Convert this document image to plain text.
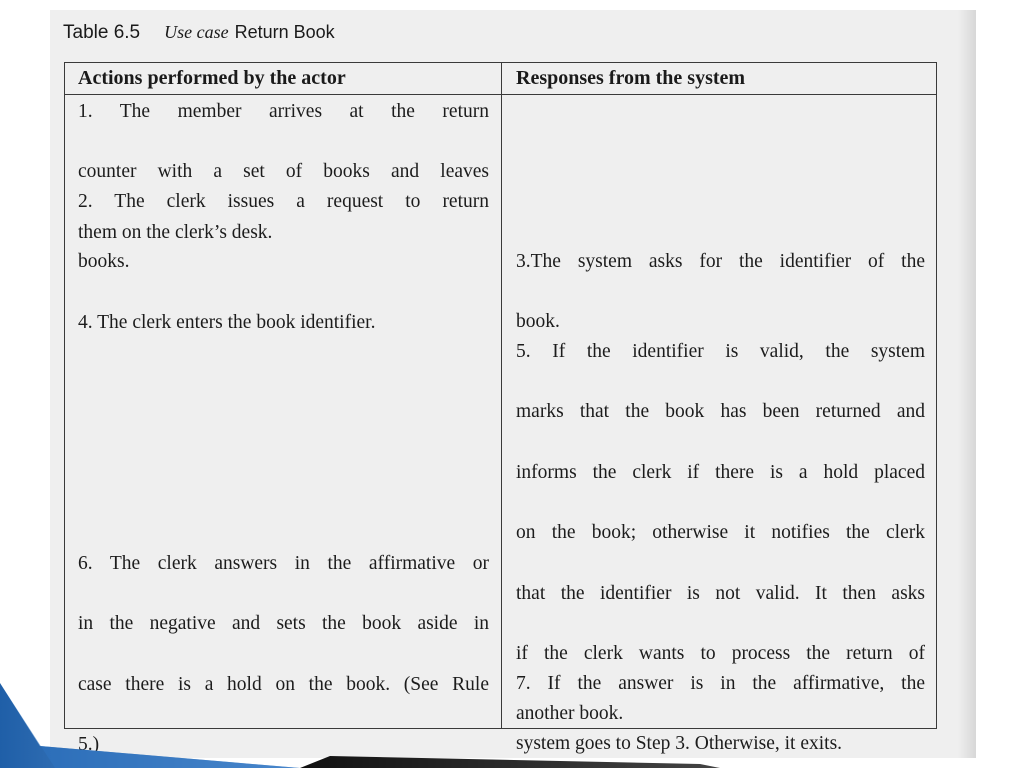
Table 6.5 Use case Return Book
Actions performed by the actor	Responses from the system

1. The member arrives at the return
counter with a set of books and leaves
them on the clerk’s desk.

2. The clerk issues a request to return
books.

4. The clerk enters the book identifier.

6. The clerk answers in the affirmative or
in the negative and sets the book aside in
case there is a hold on the book. (See Rule
5.)

3.The system asks for the identifier of the
book.

5. If the identifier is valid, the system
marks that the book has been returned and
informs the clerk if there is a hold placed
on the book; otherwise it notifies the clerk
that the identifier is not valid. It then asks
if the clerk wants to process the return of
another book.

7. If the answer is in the affirmative, the
system goes to Step 3. Otherwise, it exits.
